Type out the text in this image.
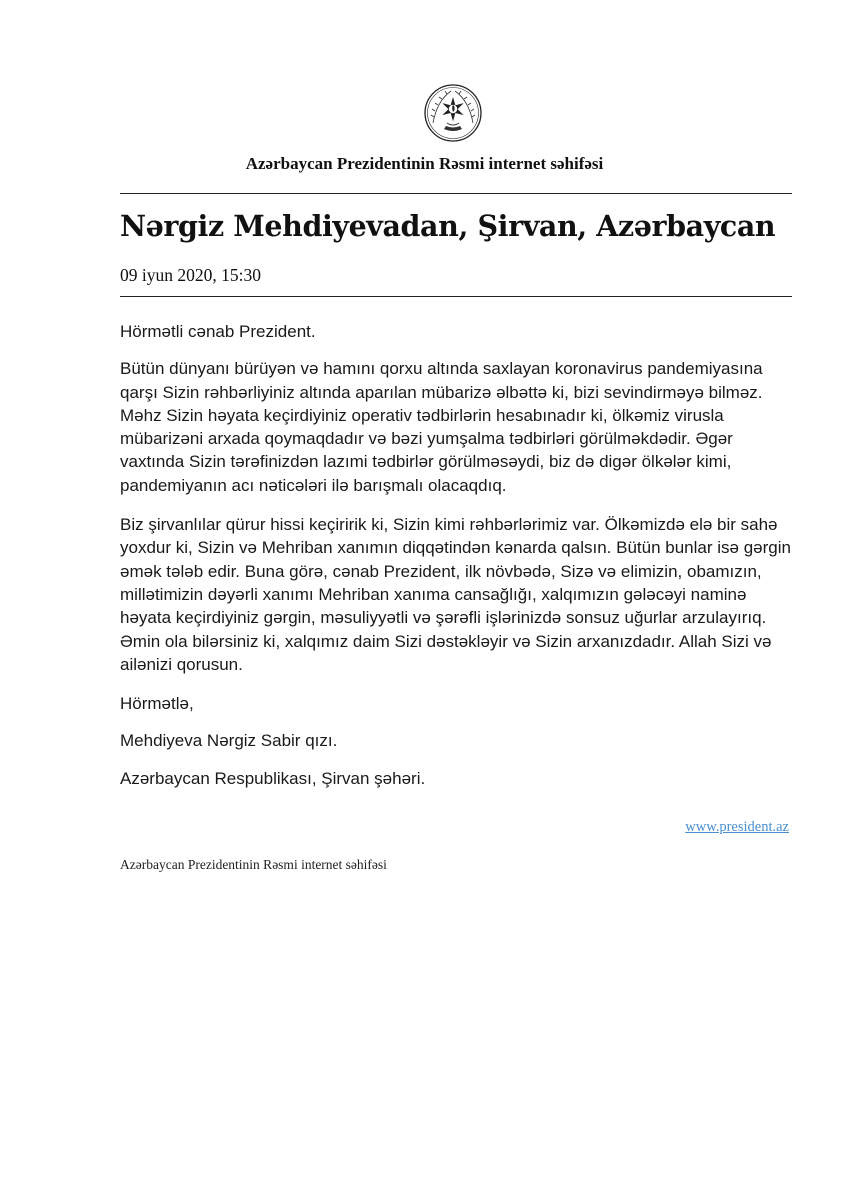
Azərbaycan Prezidentinin Rəsmi internet səhifəsi
Nərgiz Mehdiyevadan, Şirvan, Azərbaycan
09 iyun 2020, 15:30

Hörmətli cənab Prezident.

Bütün dünyanı bürüyən və hamını qorxu altında saxlayan koronavirus pandemiyasına qarşı Sizin rəhbərliyiniz altında aparılan mübarizə əlbəttə ki, bizi sevindirməyə bilməz. Məhz Sizin həyata keçirdiyiniz operativ tədbirlərin hesabınadır ki, ölkəmiz virusla mübarizəni arxada qoymaqdadır və bəzi yumşalma tədbirləri görülməkdədir. Əgər vaxtında Sizin tərəfinizdən lazımi tədbirlər görülməsəydi, biz də digər ölkələr kimi, pandemiyanın acı nəticələri ilə barışmalı olacaqdıq.

Biz şirvanlılar qürur hissi keçiririk ki, Sizin kimi rəhbərlərimiz var. Ölkəmizdə elə bir sahə yoxdur ki, Sizin və Mehriban xanımın diqqətindən kənarda qalsın. Bütün bunlar isə gərgin əmək tələb edir. Buna görə, cənab Prezident, ilk növbədə, Sizə və elimizin, obamızın, millətimizin dəyərli xanımı Mehriban xanıma cansağlığı, xalqımızın gələcəyi naminə həyata keçirdiyiniz gərgin, məsuliyyətli və şərəfli işlərinizdə sonsuz uğurlar arzulayırıq. Əmin ola bilərsiniz ki, xalqımız daim Sizi dəstəkləyir və Sizin arxanızdadır. Allah Sizi və ailənizi qorusun.

Hörmətlə,

Mehdiyeva Nərgiz Sabir qızı.

Azərbaycan Respublikası, Şirvan şəhəri.

www.president.az
Azərbaycan Prezidentinin Rəsmi internet səhifəsi
